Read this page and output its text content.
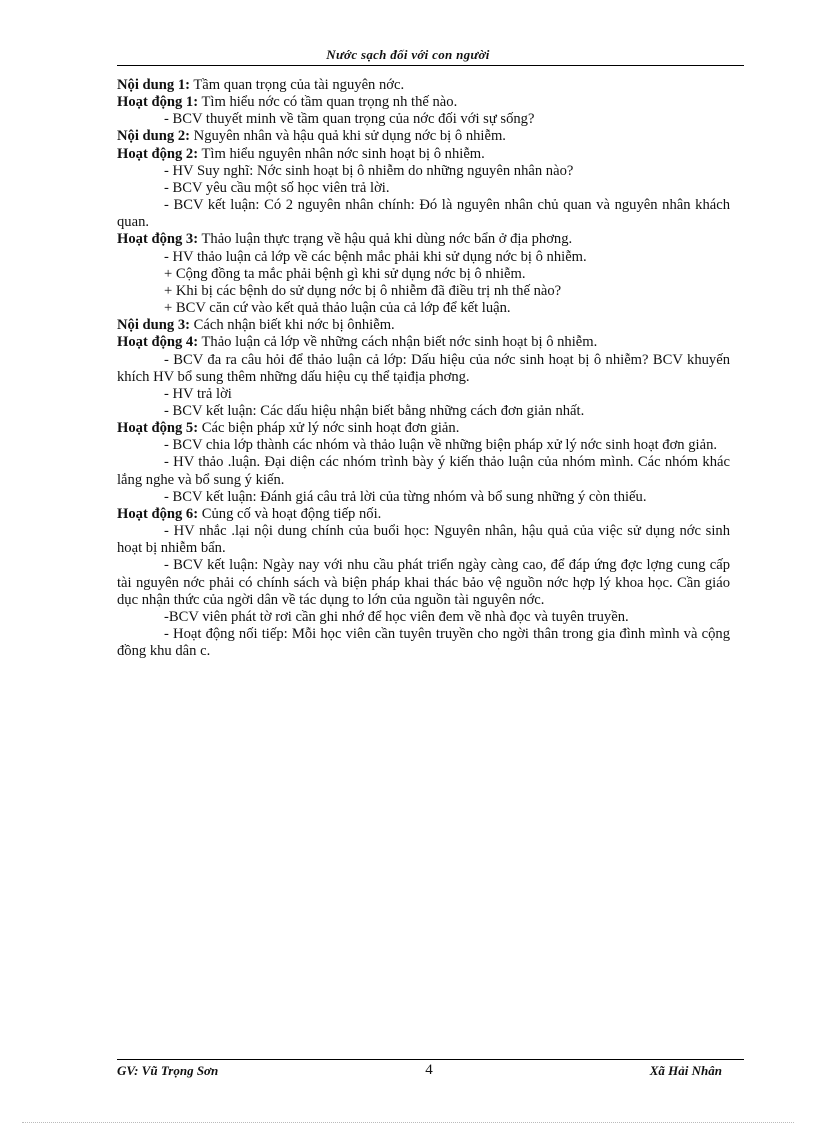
Nước sạch đối với con người

Nội dung 1: Tầm quan trọng của tài nguyên nớc.

Hoạt động 1: Tìm hiểu nớc có tầm quan trọng nh thế nào.

- BCV thuyết minh về tầm quan trọng của nớc đối với sự sống?

Nội dung 2: Nguyên nhân và hậu quả khi sử dụng nớc bị ô nhiễm.

Hoạt động 2: Tìm hiểu nguyên nhân nớc sinh hoạt bị ô nhiễm.

- HV Suy nghĩ: Nớc sinh hoạt bị ô nhiễm do những nguyên nhân nào?

- BCV yêu cầu một số học viên trả lời.

- BCV kết luận: Có 2 nguyên nhân chính: Đó là nguyên nhân chủ quan và nguyên nhân khách quan.

Hoạt động 3: Thảo luận thực trạng về hậu quả khi dùng nớc bẩn ở địa phơng.

- HV thảo luận cả lớp về các bệnh mắc phải khi sử dụng nớc bị ô nhiễm.

+ Cộng đồng ta mắc phải bệnh gì khi sử dụng nớc bị ô nhiễm.

+ Khi bị các bệnh do sử dụng nớc bị ô nhiễm đã điều trị nh thế nào?

+ BCV căn cứ vào kết quả thảo luận của cả lớp để kết luận.

Nội dung 3: Cách nhận biết khi nớc bị ônhiễm.

Hoạt động 4: Thảo luận cả lớp về những cách nhận biết nớc sinh hoạt bị ô nhiễm.

- BCV đa ra câu hỏi để thảo luận cả lớp: Dấu hiệu của nớc sinh hoạt bị ô nhiễm? BCV khuyến khích HV bổ sung thêm những dấu hiệu cụ thể tạiđịa phơng.

- HV trả lời

- BCV kết luận: Các dấu hiệu nhận biết bằng những cách đơn giản nhất.

Hoạt động 5: Các biện pháp xử lý nớc sinh hoạt đơn giản.

- BCV chia lớp thành các nhóm và thảo luận về những biện pháp xử lý nớc sinh hoạt đơn giản.

- HV thảo .luận. Đại diện các nhóm trình bày ý kiến thảo luận của nhóm mình. Các nhóm khác lắng nghe và bổ sung ý kiến.

- BCV kết luận: Đánh giá câu trả lời của từng nhóm và bổ sung những ý còn thiếu.

Hoạt động 6: Củng cố và hoạt động tiếp nối.

- HV nhắc .lại nội dung chính của buổi học: Nguyên nhân, hậu quả của việc sử dụng nớc sinh hoạt bị nhiễm bẩn.

- BCV kết luận: Ngày nay với nhu cầu phát triển ngày càng cao, để đáp ứng đợc lợng cung cấp tài nguyên nớc phải có chính sách và biện pháp khai thác bảo vệ nguồn nớc hợp lý khoa học. Cần giáo dục nhận thức của ngời dân về tác dụng to lớn của nguồn tài nguyên nớc.

-BCV viên phát tờ rơi cần ghi nhớ để học viên đem về nhà đọc và tuyên truyền.

- Hoạt động nối tiếp: Mỗi học viên cần tuyên truyền cho ngời thân trong gia đình mình và cộng đồng khu dân c.

GV: Vũ Trọng Sơn	4	Xã Hải Nhân
